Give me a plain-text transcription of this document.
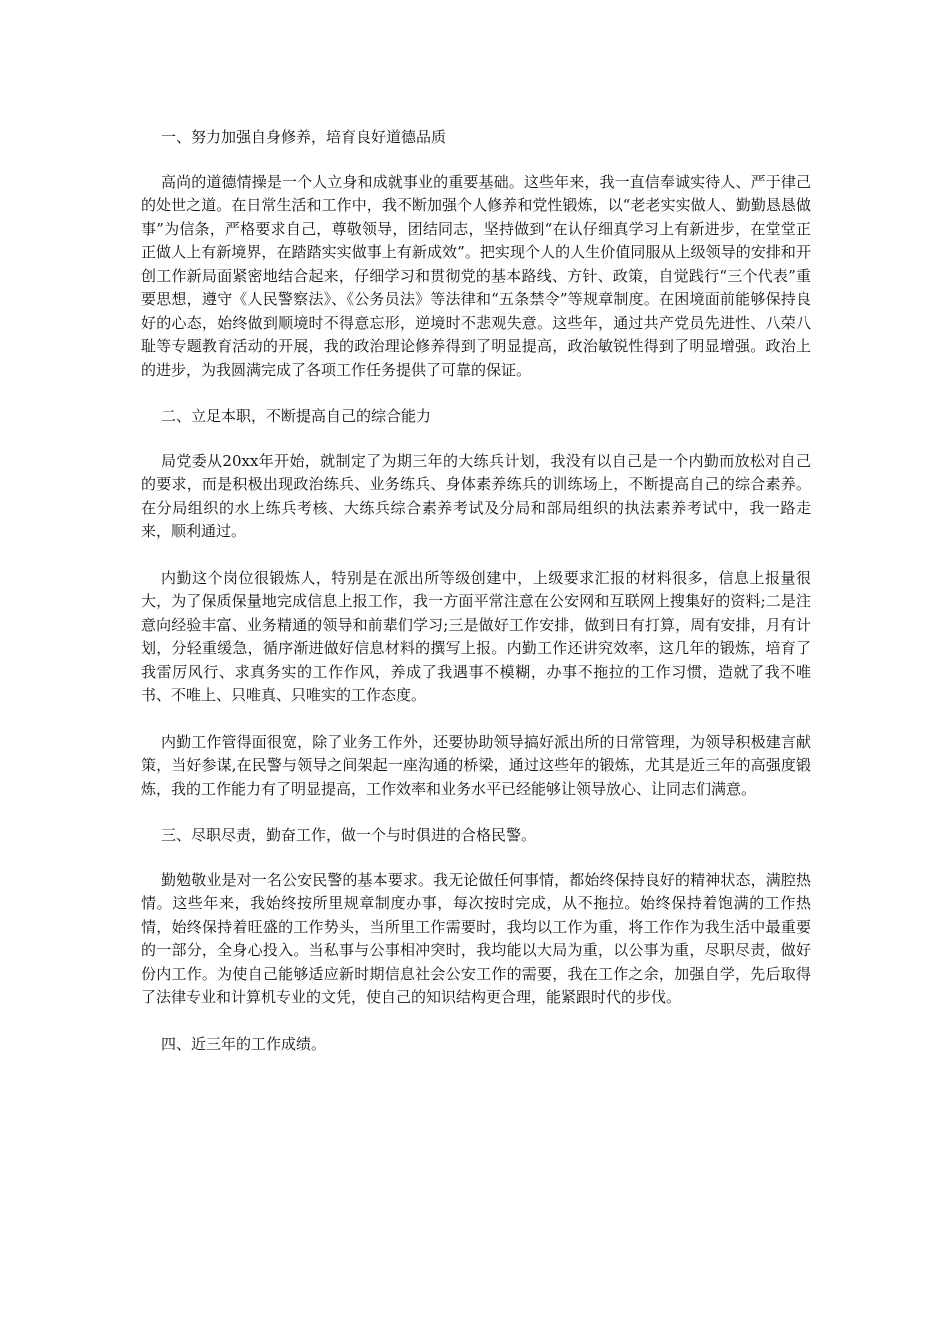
一、努力加强自身修养，培育良好道德品质

高尚的道德情操是一个人立身和成就事业的重要基础。这些年来，我一直信奉诚实待人、严于律己的处世之道。在日常生活和工作中，我不断加强个人修养和党性锻炼，以“老老实实做人、勤勤恳恳做事”为信条，严格要求自己，尊敬领导，团结同志，坚持做到“在认仔细真学习上有新进步，在堂堂正正做人上有新境界，在踏踏实实做事上有新成效”。把实现个人的人生价值同服从上级领导的安排和开创工作新局面紧密地结合起来，仔细学习和贯彻党的基本路线、方针、政策，自觉践行“三个代表”重要思想，遵守《人民警察法》、《公务员法》等法律和“五条禁令”等规章制度。在困境面前能够保持良好的心态，始终做到顺境时不得意忘形，逆境时不悲观失意。这些年，通过共产党员先进性、八荣八耻等专题教育活动的开展，我的政治理论修养得到了明显提高，政治敏锐性得到了明显增强。政治上的进步，为我圆满完成了各项工作任务提供了可靠的保证。

二、立足本职，不断提高自己的综合能力

局党委从20xx年开始，就制定了为期三年的大练兵计划，我没有以自己是一个内勤而放松对自己的要求，而是积极出现政治练兵、业务练兵、身体素养练兵的训练场上，不断提高自己的综合素养。在分局组织的水上练兵考核、大练兵综合素养考试及分局和部局组织的执法素养考试中，我一路走来，顺利通过。

内勤这个岗位很锻炼人，特别是在派出所等级创建中，上级要求汇报的材料很多，信息上报量很大，为了保质保量地完成信息上报工作，我一方面平常注意在公安网和互联网上搜集好的资料;二是注意向经验丰富、业务精通的领导和前辈们学习;三是做好工作安排，做到日有打算，周有安排，月有计划，分轻重缓急，循序渐进做好信息材料的撰写上报。内勤工作还讲究效率，这几年的锻炼，培育了我雷厉风行、求真务实的工作作风，养成了我遇事不模糊，办事不拖拉的工作习惯，造就了我不唯书、不唯上、只唯真、只唯实的工作态度。

内勤工作管得面很宽，除了业务工作外，还要协助领导搞好派出所的日常管理，为领导积极建言献策，当好参谋,在民警与领导之间架起一座沟通的桥梁，通过这些年的锻炼，尤其是近三年的高强度锻炼，我的工作能力有了明显提高，工作效率和业务水平已经能够让领导放心、让同志们满意。

三、尽职尽责，勤奋工作，做一个与时俱进的合格民警。

勤勉敬业是对一名公安民警的基本要求。我无论做任何事情，都始终保持良好的精神状态，满腔热情。这些年来，我始终按所里规章制度办事，每次按时完成，从不拖拉。始终保持着饱满的工作热情，始终保持着旺盛的工作势头，当所里工作需要时，我均以工作为重，将工作作为我生活中最重要的一部分，全身心投入。当私事与公事相冲突时，我均能以大局为重，以公事为重，尽职尽责，做好份内工作。为使自己能够适应新时期信息社会公安工作的需要，我在工作之余，加强自学，先后取得了法律专业和计算机专业的文凭，使自己的知识结构更合理，能紧跟时代的步伐。

四、近三年的工作成绩。
